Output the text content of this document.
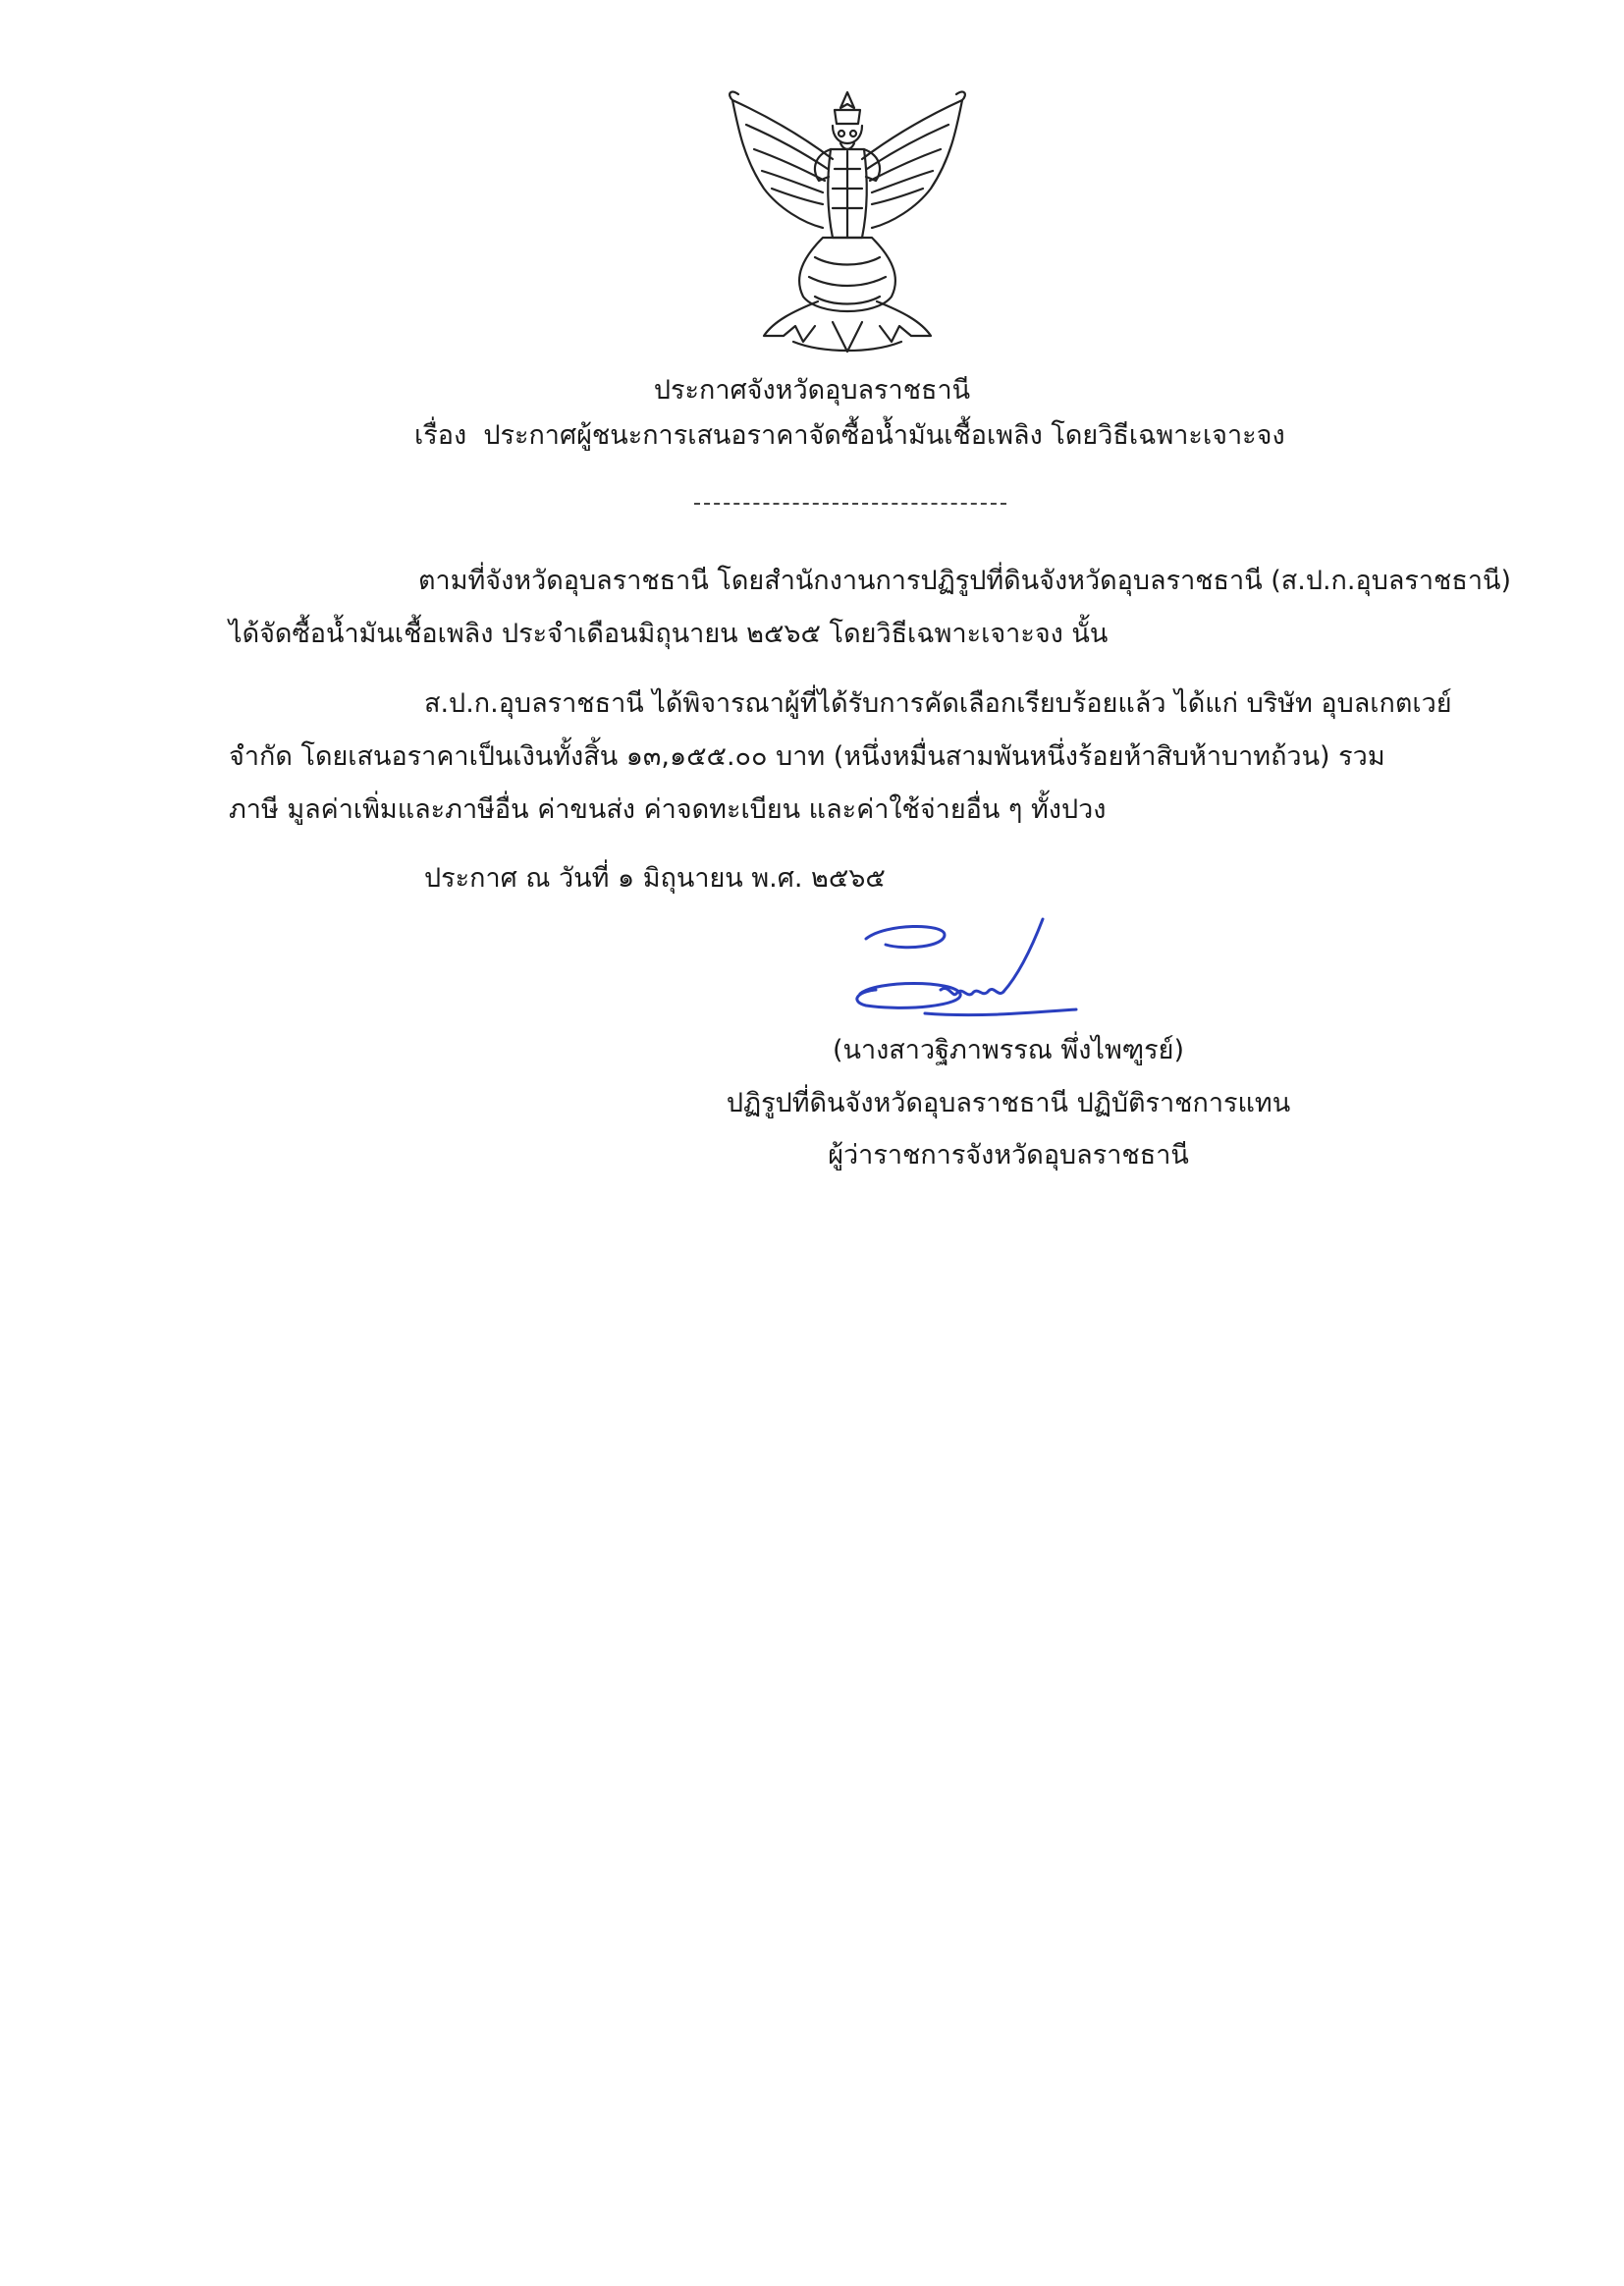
ประกาศจังหวัดอุบลราชธานี
เรื่อง ประกาศผู้ชนะการเสนอราคาจัดซื้อน้ำมันเชื้อเพลิง โดยวิธีเฉพาะเจาะจง
ตามที่จังหวัดอุบลราชธานี โดยสำนักงานการปฏิรูปที่ดินจังหวัดอุบลราชธานี (ส.ป.ก.อุบลราชธานี)
ได้จัดซื้อน้ำมันเชื้อเพลิง ประจำเดือนมิถุนายน ๒๕๖๕ โดยวิธีเฉพาะเจาะจง นั้น
ส.ป.ก.อุบลราชธานี ได้พิจารณาผู้ที่ได้รับการคัดเลือกเรียบร้อยแล้ว ได้แก่ บริษัท อุบลเกตเวย์
จำกัด โดยเสนอราคาเป็นเงินทั้งสิ้น ๑๓,๑๕๕.๐๐ บาท (หนึ่งหมื่นสามพันหนึ่งร้อยห้าสิบห้าบาทถ้วน) รวม
ภาษี มูลค่าเพิ่มและภาษีอื่น ค่าขนส่ง ค่าจดทะเบียน และค่าใช้จ่ายอื่น ๆ ทั้งปวง
ประกาศ ณ วันที่ ๑ มิถุนายน พ.ศ. ๒๕๖๕
(นางสาวฐิภาพรรณ พึ่งไพฑูรย์)
ปฏิรูปที่ดินจังหวัดอุบลราชธานี ปฏิบัติราชการแทน
ผู้ว่าราชการจังหวัดอุบลราชธานี
